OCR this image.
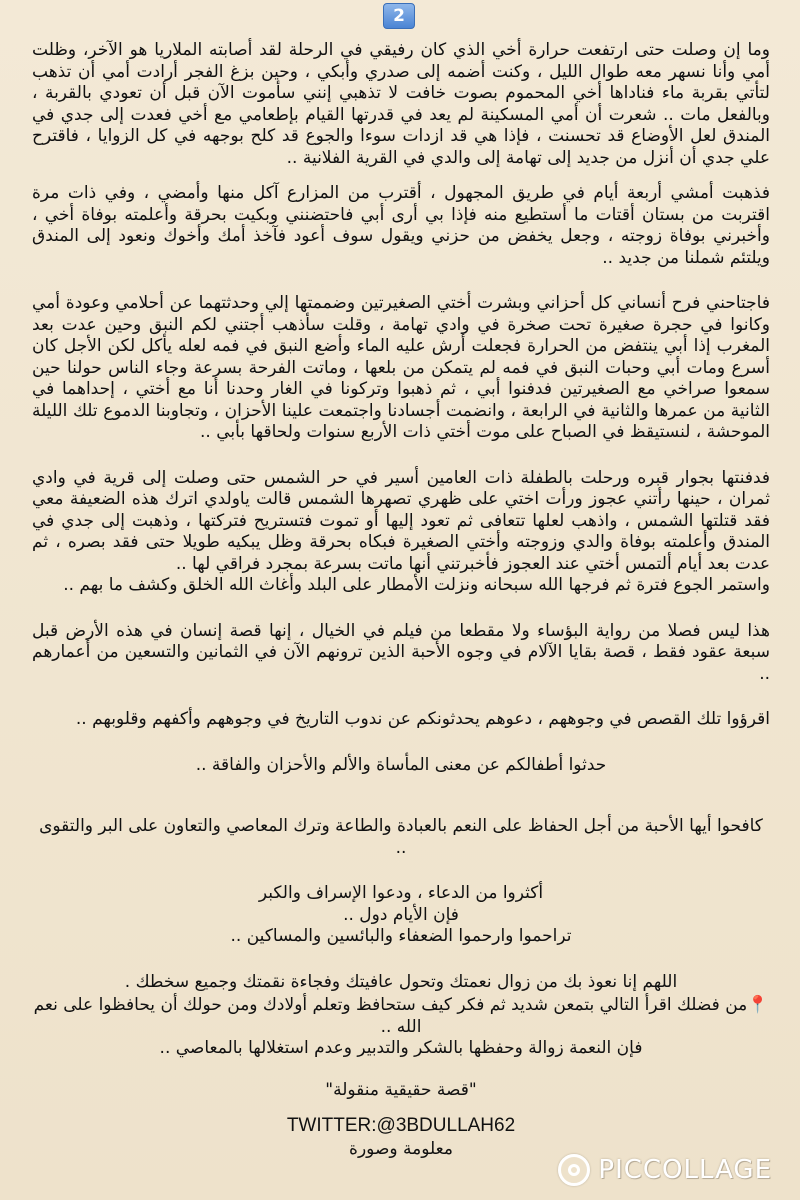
2

وما إن وصلت حتى ارتفعت حرارة أخي الذي كان رفيقي في الرحلة لقد أصابته الملاريا هو الآخر، وظلت أمي وأنا نسهر معه طوال الليل ، وكنت أضمه إلى صدري وأبكي ، وحين بزغ الفجر أرادت أمي أن تذهب لتأتي بقربة ماء فناداها أخي المحموم بصوت خافت لا تذهبي إنني سأموت الآن قبل أن تعودي بالقربة ، وبالفعل مات .. شعرت أن أمي المسكينة لم يعد في قدرتها القيام بإطعامي مع أخي فعدت إلى جدي في المندق لعل الأوضاع قد تحسنت ، فإذا هي قد ازدات سوءا والجوع قد كلح بوجهه في كل الزوايا ، فاقترح علي جدي أن أنزل من جديد إلى تهامة إلى والدي في القرية الفلانية ..

فذهبت أمشي أربعة أيام في طريق المجهول ، أقترب من المزارع آكل منها وأمضي ، وفي ذات مرة اقتربت من بستان أقتات ما أستطيع منه فإذا بي أرى أبي فاحتضنني وبكيت بحرقة وأعلمته بوفاة أخي ، وأخبرني بوفاة زوجته ، وجعل يخفض من حزني ويقول سوف أعود فآخذ أمك وأخوك ونعود إلى المندق ويلتئم شملنا من جديد ..

فاجتاحني فرح أنساني كل أحزاني وبشرت أختي الصغيرتين وضممتها إلي وحدثتهما عن أحلامي وعودة أمي وكانوا في حجرة صغيرة تحت صخرة في وادي تهامة ، وقلت سأذهب أجتني لكم النبق وحين عدت بعد المغرب إذا أبي ينتفض من الحرارة فجعلت أرش عليه الماء وأضع النبق في فمه لعله يأكل لكن الأجل كان أسرع ومات أبي وحبات النبق في فمه لم يتمكن من بلعها ، وماتت الفرحة بسرعة وجاء الناس حولنا حين سمعوا صراخي مع الصغيرتين فدفنوا أبي ، ثم ذهبوا وتركونا في الغار وحدنا أنا مع أختي ، إحداهما في الثانية من عمرها والثانية في الرابعة ، وانضمت أجسادنا واجتمعت علينا الأحزان ، وتجاوبنا الدموع تلك الليلة الموحشة ، لنستيقظ في الصباح على موت أختي ذات الأربع سنوات ولحاقها بأبي ..

فدفنتها بجوار قبره ورحلت بالطفلة ذات العامين أسير في حر الشمس حتى وصلت إلى قرية في وادي ثمران ، حينها رأتني عجوز ورأت اختي على ظهري تصهرها الشمس قالت ياولدي اترك هذه الضعيفة معي فقد قتلتها الشمس ، واذهب لعلها تتعافى ثم تعود إليها أو تموت فتستريح فتركتها ، وذهبت إلى جدي في المندق وأعلمته بوفاة والدي وزوجته وأختي الصغيرة فبكاه بحرقة وظل يبكيه طويلا حتى فقد بصره ، ثم عدت بعد أيام ألتمس أختي عند العجوز فأخبرتني أنها ماتت بسرعة بمجرد فراقي لها ..
واستمر الجوع فترة ثم فرجها الله سبحانه ونزلت الأمطار على البلد وأغاث الله الخلق وكشف ما بهم ..

هذا ليس فصلا من رواية البؤساء ولا مقطعا من فيلم في الخيال ، إنها قصة إنسان في هذه الأرض قبل سبعة عقود فقط ، قصة بقايا الآلام في وجوه الأحبة الذين ترونهم الآن في الثمانين والتسعين من أعمارهم ..

اقرؤوا تلك القصص في وجوههم ، دعوهم يحدثونكم عن ندوب التاريخ في وجوههم وأكفهم وقلوبهم ..

حدثوا أطفالكم عن معنى المأساة والألم والأحزان والفاقة ..

كافحوا أيها الأحبة من أجل الحفاظ على النعم بالعبادة والطاعة وترك المعاصي والتعاون على البر والتقوى ..

أكثروا من الدعاء ، ودعوا الإسراف والكبر
فإن الأيام دول ..
تراحموا وارحموا الضعفاء والبائسين والمساكين ..

اللهم إنا نعوذ بك من زوال نعمتك وتحول عافيتك وفجاءة نقمتك وجميع سخطك .

📍من فضلك اقرأ التالي بتمعن شديد ثم فكر كيف ستحافظ وتعلم أولادك ومن حولك أن يحافظوا على نعم الله ..
فإن النعمة زوالة وحفظها بالشكر والتدبير وعدم استغلالها بالمعاصي ..

"قصة حقيقية منقولة"

TWITTER:@3BDULLAH62

معلومة وصورة

PICCOLLAGE
